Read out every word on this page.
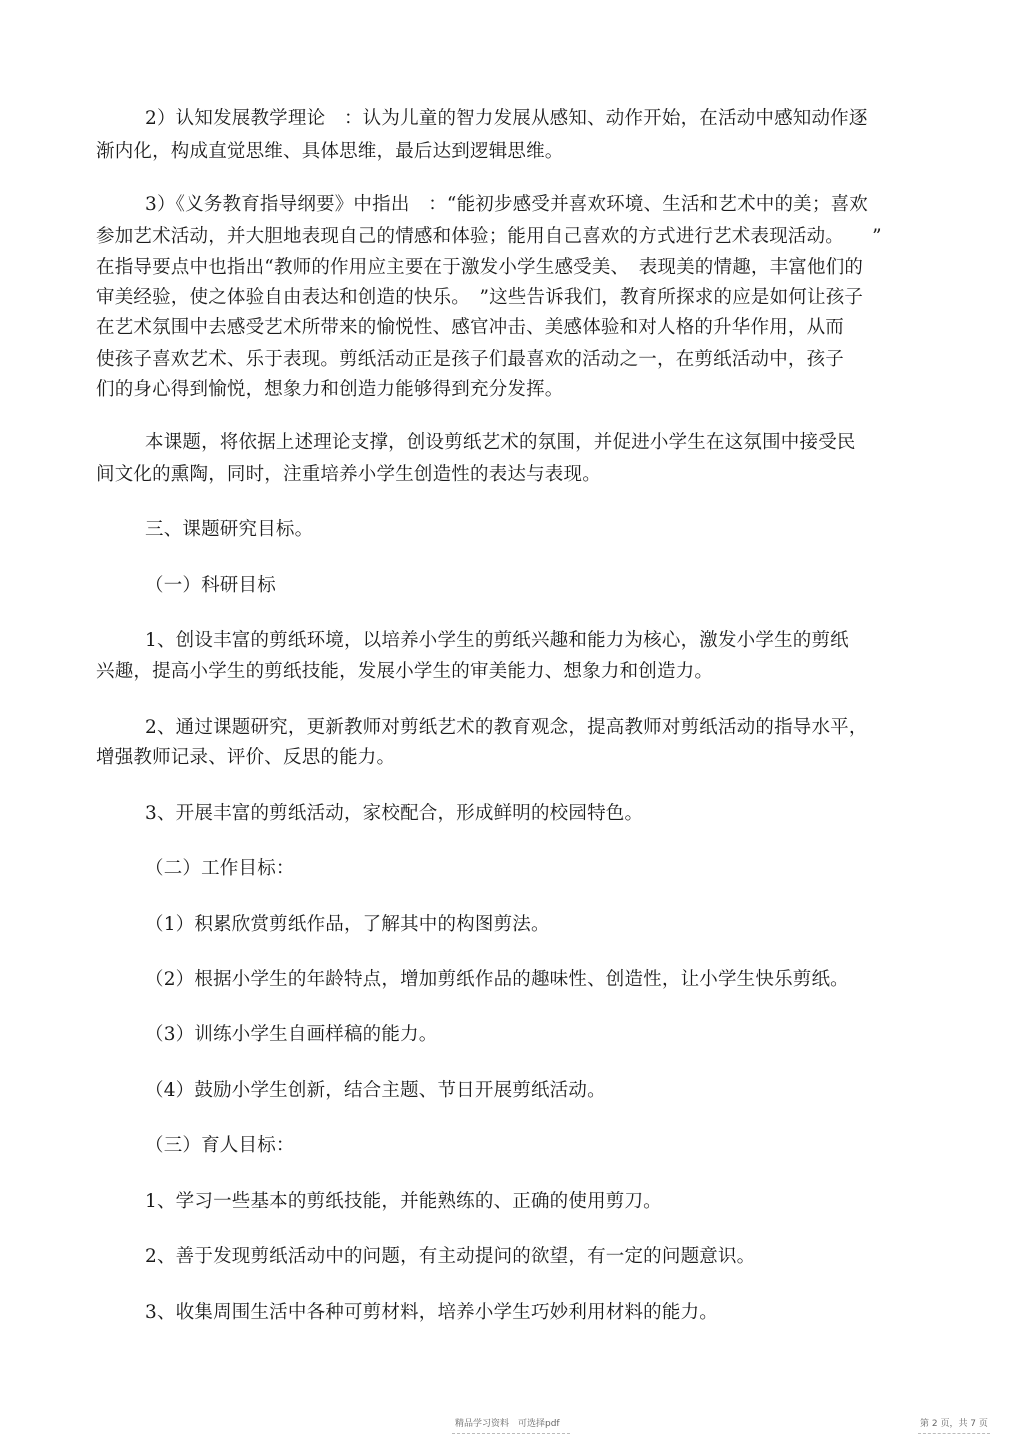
2）认知发展教学理论　：认为儿童的智力发展从感知、动作开始，在活动中感知动作逐
渐内化，构成直觉思维、具体思维，最后达到逻辑思维。
3）《义务教育指导纲要》中指出　：“能初步感受并喜欢环境、生活和艺术中的美；喜欢
参加艺术活动，并大胆地表现自己的情感和体验；能用自己喜欢的方式进行艺术表现活动。　　”
在指导要点中也指出“教师的作用应主要在于激发小学生感受美、　表现美的情趣，丰富他们的
审美经验，使之体验自由表达和创造的快乐。　”这些告诉我们，教育所探求的应是如何让孩子
在艺术氛围中去感受艺术所带来的愉悦性、感官冲击、美感体验和对人格的升华作用，从而
使孩子喜欢艺术、乐于表现。剪纸活动正是孩子们最喜欢的活动之一，在剪纸活动中，孩子
们的身心得到愉悦，想象力和创造力能够得到充分发挥。
本课题，将依据上述理论支撑，创设剪纸艺术的氛围，并促进小学生在这氛围中接受民
间文化的熏陶，同时，注重培养小学生创造性的表达与表现。
三、课题研究目标。
（一）科研目标
1、创设丰富的剪纸环境，以培养小学生的剪纸兴趣和能力为核心，激发小学生的剪纸
兴趣，提高小学生的剪纸技能，发展小学生的审美能力、想象力和创造力。
2、通过课题研究，更新教师对剪纸艺术的教育观念，提高教师对剪纸活动的指导水平，
增强教师记录、评价、反思的能力。
3、开展丰富的剪纸活动，家校配合，形成鲜明的校园特色。
（二）工作目标：
（1）积累欣赏剪纸作品，了解其中的构图剪法。
（2）根据小学生的年龄特点，增加剪纸作品的趣味性、创造性，让小学生快乐剪纸。
（3）训练小学生自画样稿的能力。
（4）鼓励小学生创新，结合主题、节日开展剪纸活动。
（三）育人目标：
1、学习一些基本的剪纸技能，并能熟练的、正确的使用剪刀。
2、善于发现剪纸活动中的问题，有主动提问的欲望，有一定的问题意识。
3、收集周围生活中各种可剪材料，培养小学生巧妙利用材料的能力。
精品学习资料　可选择pdf	第 2 页，共 7 页
